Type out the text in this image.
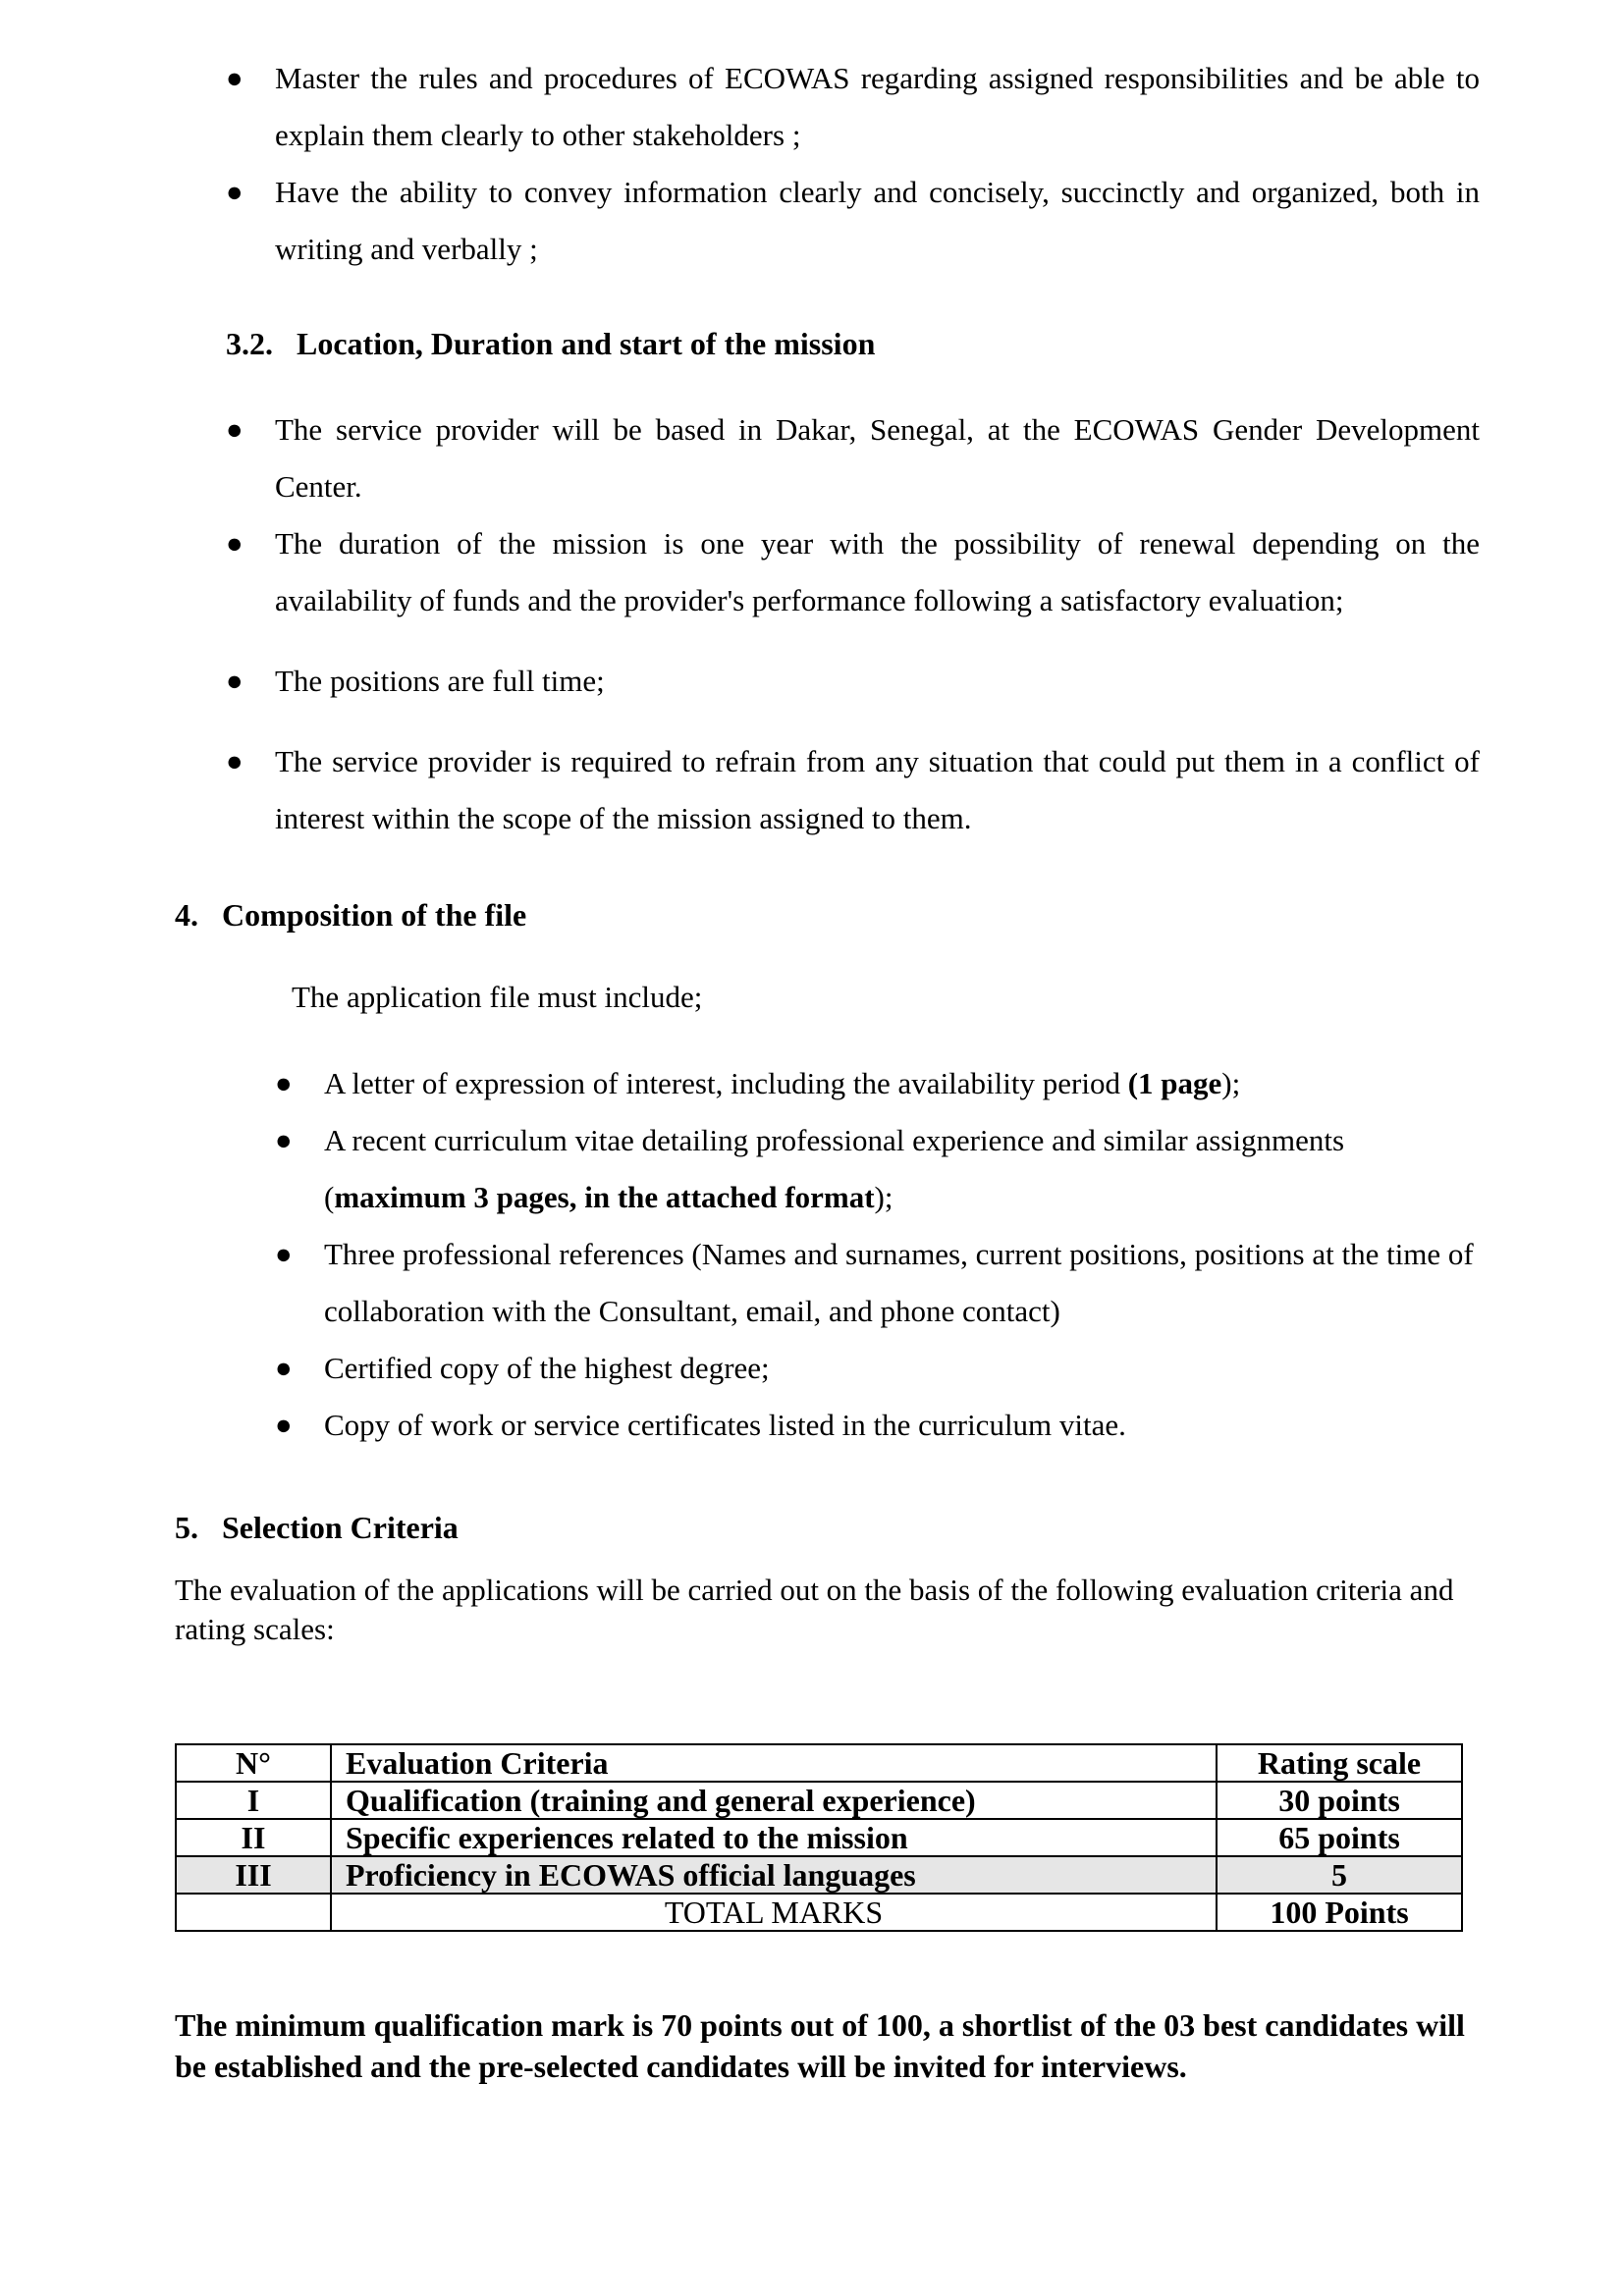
● Master the rules and procedures of ECOWAS regarding assigned responsibilities and be able to explain them clearly to other stakeholders ;
● Have the ability to convey information clearly and concisely, succinctly and organized, both in writing and verbally ;
3.2. Location, Duration and start of the mission
● The service provider will be based in Dakar, Senegal, at the ECOWAS Gender Development Center.
● The duration of the mission is one year with the possibility of renewal depending on the availability of funds and the provider's performance following a satisfactory evaluation;
● The positions are full time;
● The service provider is required to refrain from any situation that could put them in a conflict of interest within the scope of the mission assigned to them.
4. Composition of the file

The application file must include;

● A letter of expression of interest, including the availability period (1 page);
● A recent curriculum vitae detailing professional experience and similar assignments (maximum 3 pages, in the attached format);
● Three professional references (Names and surnames, current positions, positions at the time of collaboration with the Consultant, email, and phone contact)
● Certified copy of the highest degree;
● Copy of work or service certificates listed in the curriculum vitae.
5. Selection Criteria

The evaluation of the applications will be carried out on the basis of the following evaluation criteria and rating scales:

N°	Evaluation Criteria	Rating scale
I	Qualification (training and general experience)	30 points
II	Specific experiences related to the mission	65 points
III	Proficiency in ECOWAS official languages	5
	TOTAL MARKS	100 Points

The minimum qualification mark is 70 points out of 100, a shortlist of the 03 best candidates will be established and the pre-selected candidates will be invited for interviews.
